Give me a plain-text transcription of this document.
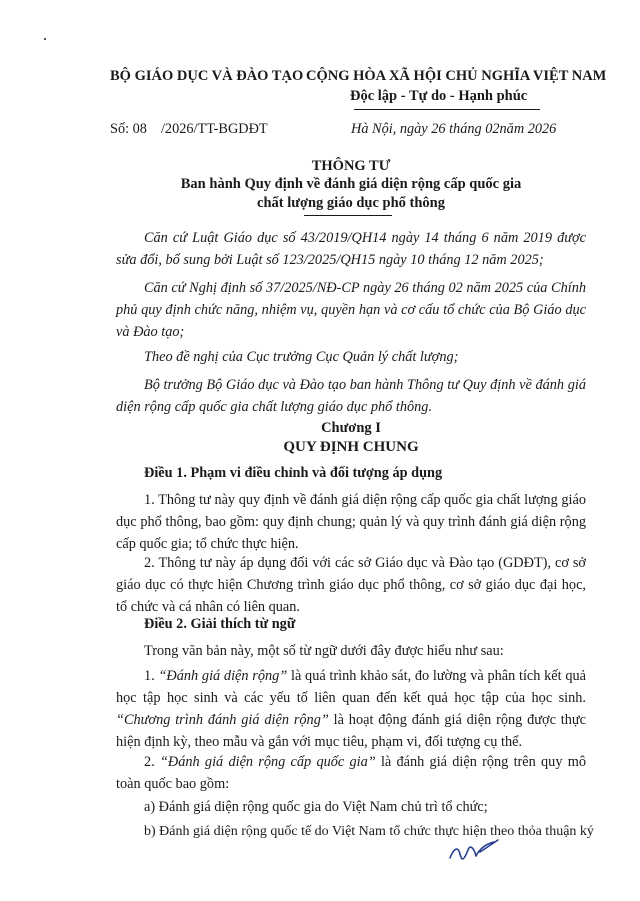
BỘ GIÁO DỤC VÀ ĐÀO TẠO CỘNG HÒA XÃ HỘI CHỦ NGHĨA VIỆT NAM
Độc lập - Tự do - Hạnh phúc
Số: 08 /2026/TT-BGDĐT	Hà Nội, ngày 26 tháng 02năm 2026
THÔNG TƯ
Ban hành Quy định về đánh giá diện rộng cấp quốc gia
chất lượng giáo dục phổ thông
Căn cứ Luật Giáo dục số 43/2019/QH14 ngày 14 tháng 6 năm 2019 được sửa đổi, bổ sung bởi Luật số 123/2025/QH15 ngày 10 tháng 12 năm 2025;
Căn cứ Nghị định số 37/2025/NĐ-CP ngày 26 tháng 02 năm 2025 của Chính phủ quy định chức năng, nhiệm vụ, quyền hạn và cơ cấu tổ chức của Bộ Giáo dục và Đào tạo;
Theo đề nghị của Cục trưởng Cục Quản lý chất lượng;
Bộ trưởng Bộ Giáo dục và Đào tạo ban hành Thông tư Quy định về đánh giá diện rộng cấp quốc gia chất lượng giáo dục phổ thông.
Chương I
QUY ĐỊNH CHUNG
Điều 1. Phạm vi điều chỉnh và đối tượng áp dụng
1. Thông tư này quy định về đánh giá diện rộng cấp quốc gia chất lượng giáo dục phổ thông, bao gồm: quy định chung; quản lý và quy trình đánh giá diện rộng cấp quốc gia; tổ chức thực hiện.
2. Thông tư này áp dụng đối với các sở Giáo dục và Đào tạo (GDĐT), cơ sở giáo dục có thực hiện Chương trình giáo dục phổ thông, cơ sở giáo dục đại học, tổ chức và cá nhân có liên quan.
Điều 2. Giải thích từ ngữ
Trong văn bản này, một số từ ngữ dưới đây được hiểu như sau:
1. “Đánh giá diện rộng” là quá trình khảo sát, đo lường và phân tích kết quả học tập học sinh và các yếu tố liên quan đến kết quả học tập của học sinh. “Chương trình đánh giá diện rộng” là hoạt động đánh giá diện rộng được thực hiện định kỳ, theo mẫu và gắn với mục tiêu, phạm vi, đối tượng cụ thể.
2. “Đánh giá diện rộng cấp quốc gia” là đánh giá diện rộng trên quy mô toàn quốc bao gồm:
a) Đánh giá diện rộng quốc gia do Việt Nam chủ trì tổ chức;
b) Đánh giá diện rộng quốc tế do Việt Nam tổ chức thực hiện theo thỏa thuận ký
